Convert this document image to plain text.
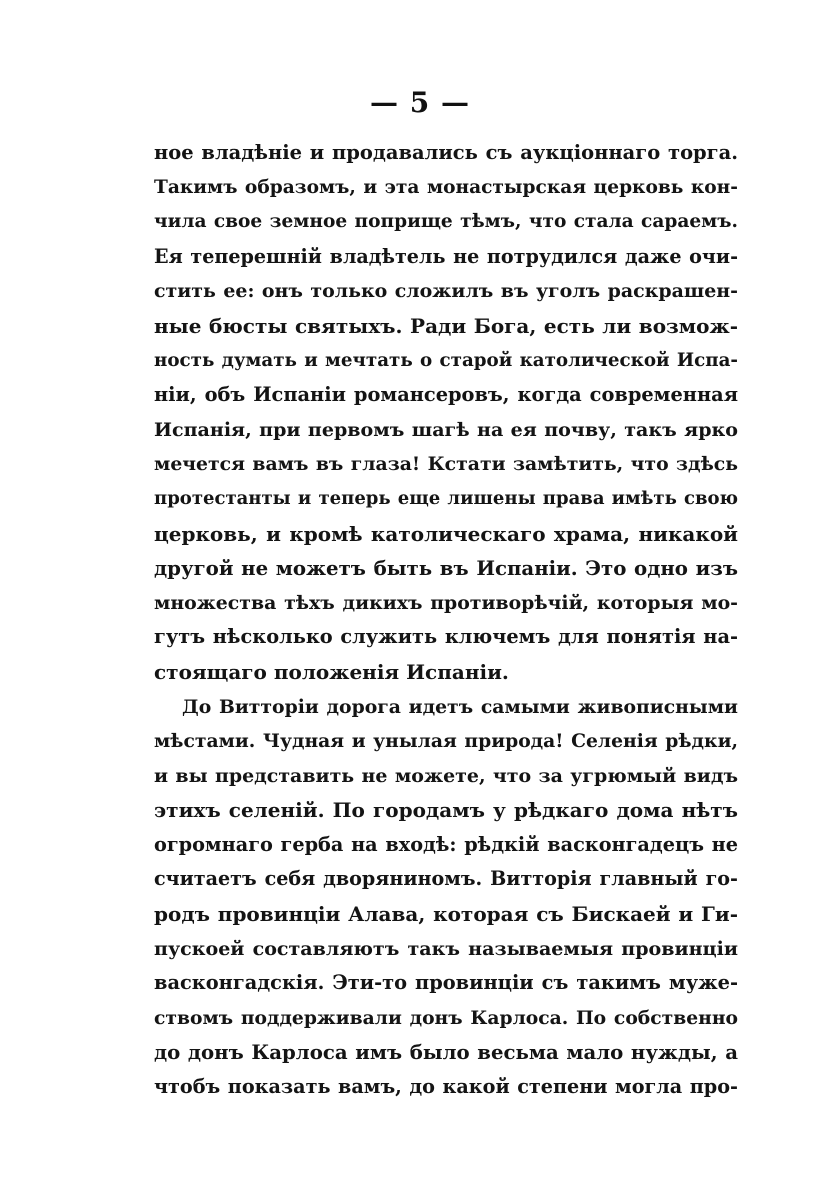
— 5 —
ное владѣніе и продавались съ аукціоннаго торга.
Такимъ образомъ, и эта монастырская церковь кон-
чила свое земное поприще тѣмъ, что стала сараемъ.
Ея теперешній владѣтель не потрудился даже очи-
стить ее: онъ только сложилъ въ уголъ раскрашен-
ные бюсты святыхъ. Ради Бога, есть ли возмож-
ность думать и мечтать о старой католической Испа-
ніи, объ Испаніи романсеровъ, когда современная
Испанія, при первомъ шагѣ на ея почву, такъ ярко
мечется вамъ въ глаза! Кстати замѣтить, что здѣсь
протестанты и теперь еще лишены права имѣть свою
церковь, и кромѣ католическаго храма, никакой
другой не можетъ быть въ Испаніи. Это одно изъ
множества тѣхъ дикихъ противорѣчій, которыя мо-
гутъ нѣсколько служить ключемъ для понятія на-
стоящаго положенія Испаніи.
До Витторіи дорога идетъ самыми живописными
мѣстами. Чудная и унылая природа! Селенія рѣдки,
и вы представить не можете, что за угрюмый видъ
этихъ селеній. По городамъ у рѣдкаго дома нѣтъ
огромнаго герба на входѣ: рѣдкій васконгадецъ не
считаетъ себя дворяниномъ. Витторія главный го-
родъ провинціи Алава, которая съ Бискаей и Ги-
пускоей составляютъ такъ называемыя провинціи
васконгадскія. Эти-то провинціи съ такимъ муже-
ствомъ поддерживали донъ Карлоса. По собственно
до донъ Карлоса имъ было весьма мало нужды, а
чтобъ показать вамъ, до какой степени могла про-
